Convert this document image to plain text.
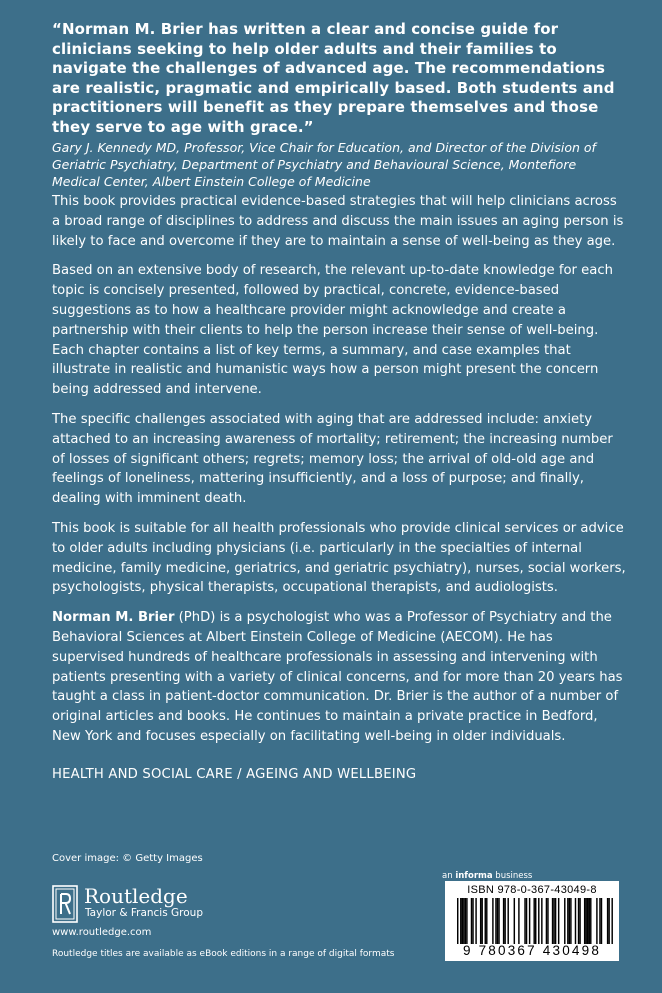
“Norman M. Brier has written a clear and concise guide for clinicians seeking to help older adults and their families to navigate the challenges of advanced age. The recommendations are realistic, pragmatic and empirically based. Both students and practitioners will benefit as they prepare themselves and those they serve to age with grace.”

Gary J. Kennedy MD, Professor, Vice Chair for Education, and Director of the Division of Geriatric Psychiatry, Department of Psychiatry and Behavioural Science, Montefiore Medical Center, Albert Einstein College of Medicine

This book provides practical evidence-based strategies that will help clinicians across a broad range of disciplines to address and discuss the main issues an aging person is likely to face and overcome if they are to maintain a sense of well-being as they age.

Based on an extensive body of research, the relevant up-to-date knowledge for each topic is concisely presented, followed by practical, concrete, evidence-based suggestions as to how a healthcare provider might acknowledge and create a partnership with their clients to help the person increase their sense of well-being. Each chapter contains a list of key terms, a summary, and case examples that illustrate in realistic and humanistic ways how a person might present the concern being addressed and intervene.

The specific challenges associated with aging that are addressed include: anxiety attached to an increasing awareness of mortality; retirement; the increasing number of losses of significant others; regrets; memory loss; the arrival of old-old age and feelings of loneliness, mattering insufficiently, and a loss of purpose; and finally, dealing with imminent death.

This book is suitable for all health professionals who provide clinical services or advice to older adults including physicians (i.e. particularly in the specialties of internal medicine, family medicine, geriatrics, and geriatric psychiatry), nurses, social workers, psychologists, physical therapists, occupational therapists, and audiologists.

Norman M. Brier (PhD) is a psychologist who was a Professor of Psychiatry and the Behavioral Sciences at Albert Einstein College of Medicine (AECOM). He has supervised hundreds of healthcare professionals in assessing and intervening with patients presenting with a variety of clinical concerns, and for more than 20 years has taught a class in patient-doctor communication. Dr. Brier is the author of a number of original articles and books. He continues to maintain a private practice in Bedford, New York and focuses especially on facilitating well-being in older individuals.

HEALTH AND SOCIAL CARE / AGEING AND WELLBEING
Cover image: © Getty Images
Routledge
Taylor & Francis Group
www.routledge.com
Routledge titles are available as eBook editions in a range of digital formats
an informa business
ISBN 978-0-367-43049-8
9 780367 430498
